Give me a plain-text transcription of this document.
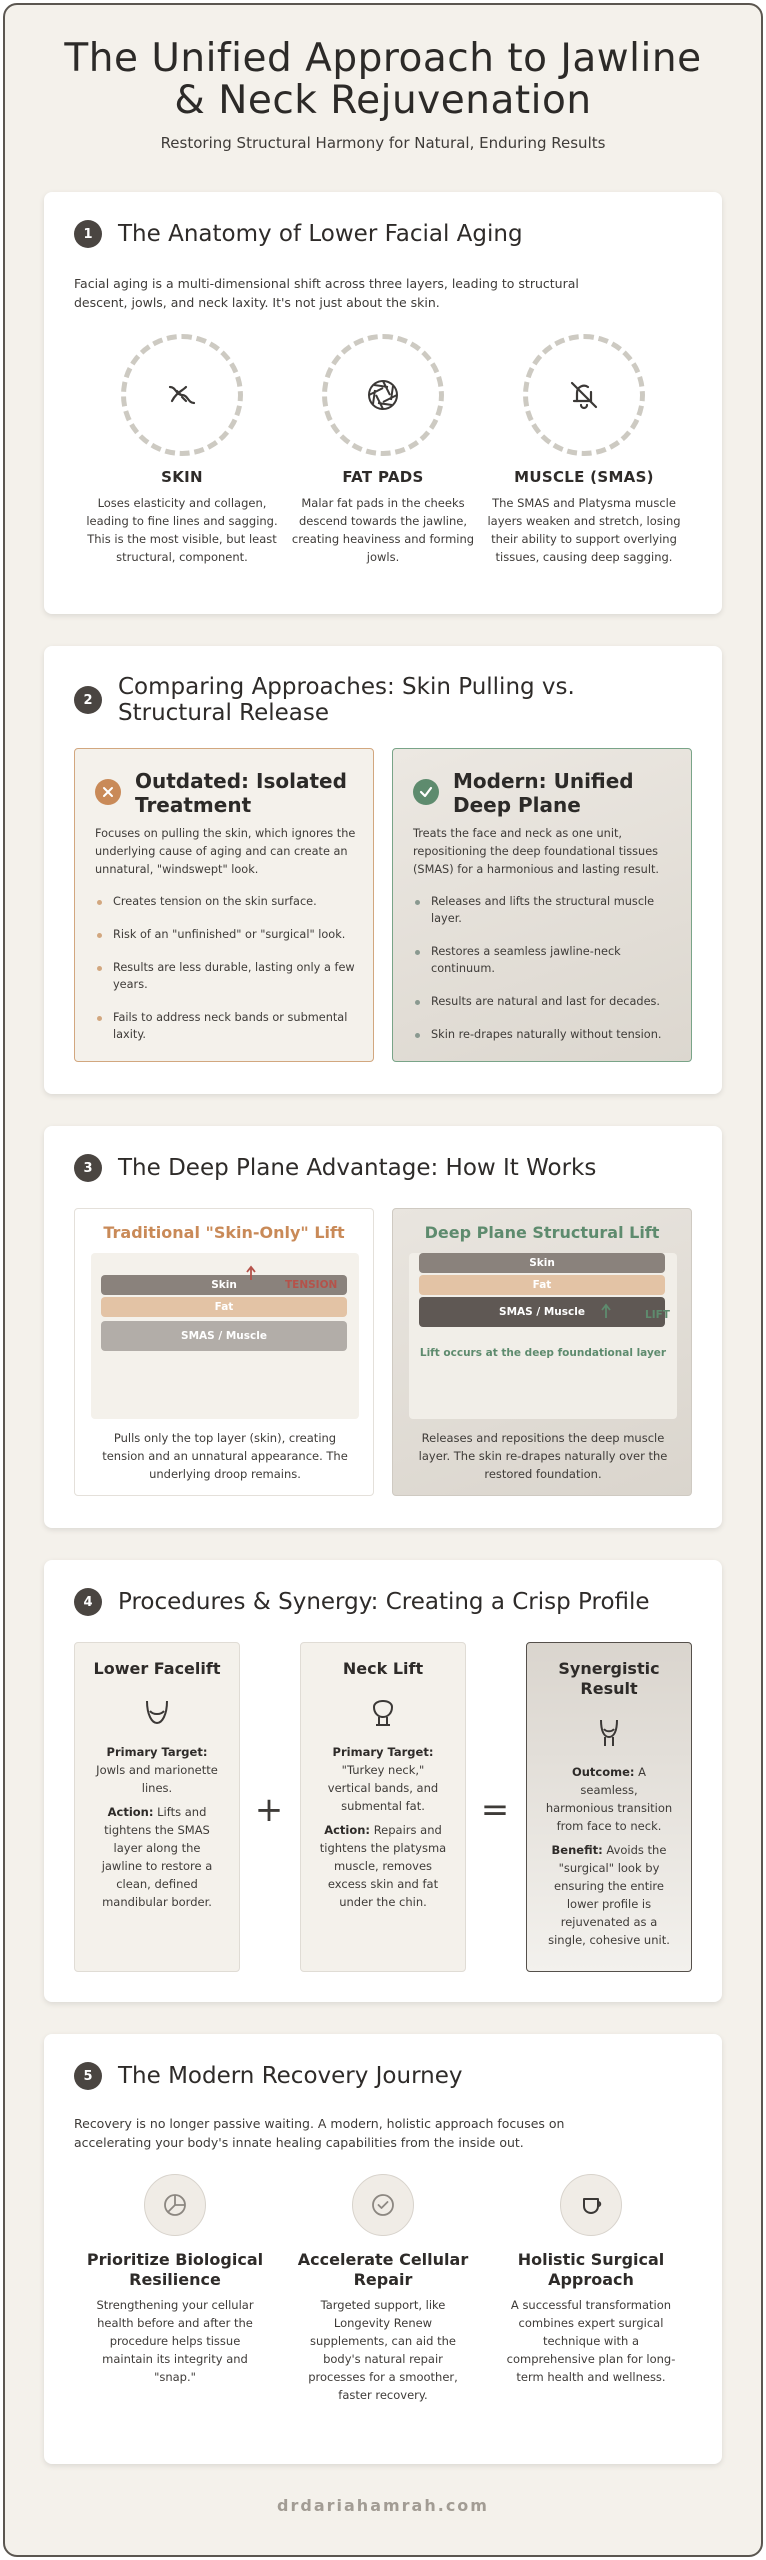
The Unified Approach to Jawline
& Neck Rejuvenation
Restoring Structural Harmony for Natural, Enduring Results
1	The Anatomy of Lower Facial Aging
Facial aging is a multi-dimensional shift across three layers, leading to structural descent, jowls, and neck laxity. It's not just about the skin.
SKIN
Loses elasticity and collagen, leading to fine lines and sagging. This is the most visible, but least structural, component.
FAT PADS
Malar fat pads in the cheeks descend towards the jawline, creating heaviness and forming jowls.
MUSCLE (SMAS)
The SMAS and Platysma muscle layers weaken and stretch, losing their ability to support overlying tissues, causing deep sagging.
2	Comparing Approaches: Skin Pulling vs. Structural Release
Outdated: Isolated Treatment
Focuses on pulling the skin, which ignores the underlying cause of aging and can create an unnatural, "windswept" look.
Creates tension on the skin surface.
Risk of an "unfinished" or "surgical" look.
Results are less durable, lasting only a few years.
Fails to address neck bands or submental laxity.
Modern: Unified Deep Plane
Treats the face and neck as one unit, repositioning the deep foundational tissues (SMAS) for a harmonious and lasting result.
Releases and lifts the structural muscle layer.
Restores a seamless jawline-neck continuum.
Results are natural and last for decades.
Skin re-drapes naturally without tension.
3	The Deep Plane Advantage: How It Works
Traditional "Skin-Only" Lift
Skin
Fat
SMAS / Muscle
TENSION
Pulls only the top layer (skin), creating tension and an unnatural appearance. The underlying droop remains.
Deep Plane Structural Lift
Skin
Fat
SMAS / Muscle	LIFT
Lift occurs at the deep foundational layer
Releases and repositions the deep muscle layer. The skin re-drapes naturally over the restored foundation.
4	Procedures & Synergy: Creating a Crisp Profile
Lower Facelift
Primary Target: Jowls and marionette lines.
Action: Lifts and tightens the SMAS layer along the jawline to restore a clean, defined mandibular border.
+
Neck Lift
Primary Target: "Turkey neck," vertical bands, and submental fat.
Action: Repairs and tightens the platysma muscle, removes excess skin and fat under the chin.
=
Synergistic Result
Outcome: A seamless, harmonious transition from face to neck.
Benefit: Avoids the "surgical" look by ensuring the entire lower profile is rejuvenated as a single, cohesive unit.
5	The Modern Recovery Journey
Recovery is no longer passive waiting. A modern, holistic approach focuses on accelerating your body's innate healing capabilities from the inside out.
Prioritize Biological Resilience
Strengthening your cellular health before and after the procedure helps tissue maintain its integrity and "snap."
Accelerate Cellular Repair
Targeted support, like Longevity Renew supplements, can aid the body's natural repair processes for a smoother, faster recovery.
Holistic Surgical Approach
A successful transformation combines expert surgical technique with a comprehensive plan for long-term health and wellness.
drdariahamrah.com
